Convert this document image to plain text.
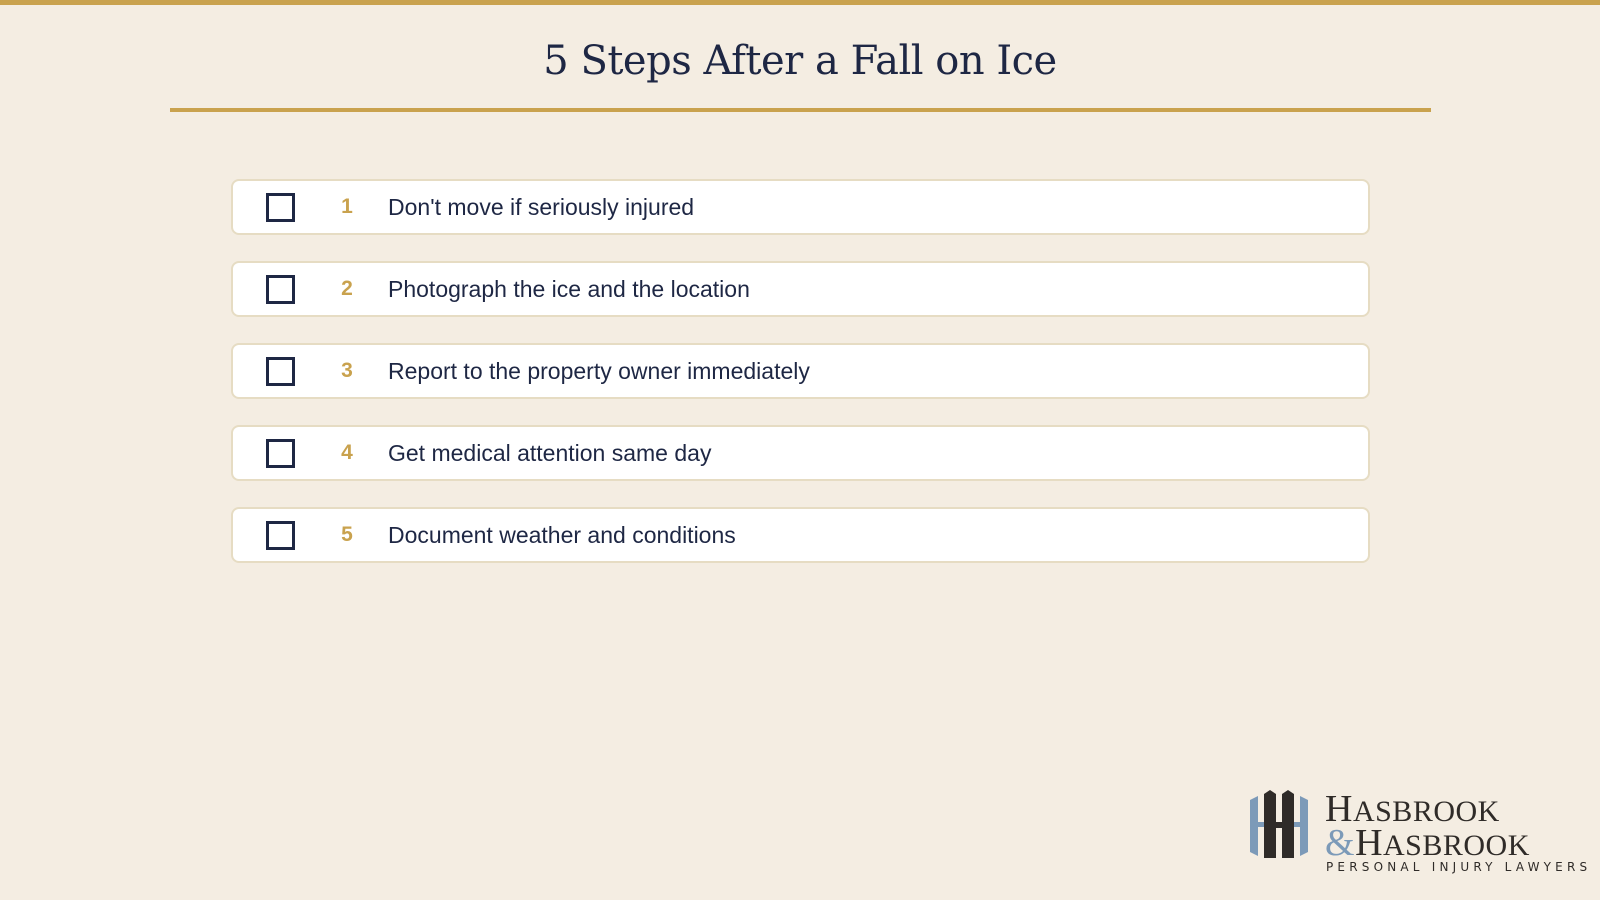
5 Steps After a Fall on Ice
1 Don't move if seriously injured
2 Photograph the ice and the location
3 Report to the property owner immediately
4 Get medical attention same day
5 Document weather and conditions
HASBROOK
&HASBROOK
PERSONAL INJURY LAWYERS
